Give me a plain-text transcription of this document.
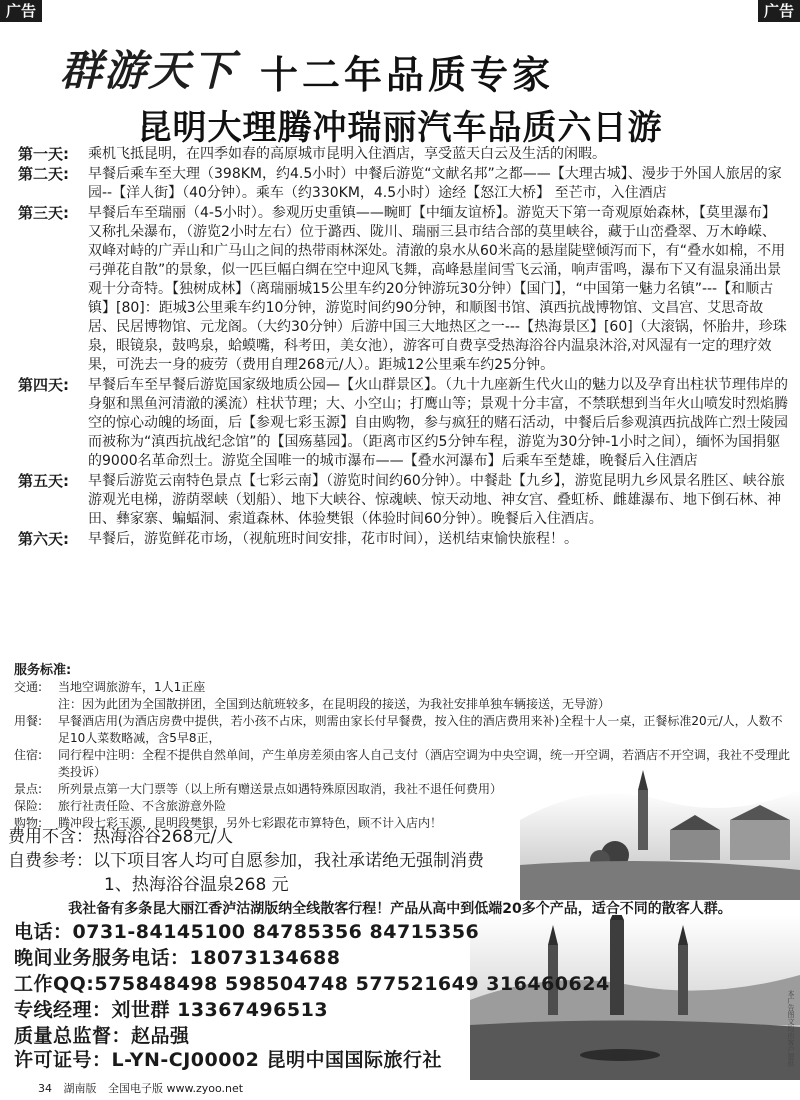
广告	广告
群游天下 十二年品质专家
昆明大理腾冲瑞丽汽车品质六日游
第一天:	乘机飞抵昆明，在四季如春的高原城市昆明入住酒店，享受蓝天白云及生活的闲暇。
第二天:	早餐后乘车至大理（398KM，约4.5小时）中餐后游览“文献名邦”之都——【大理古城】、漫步于外国人旅居的家园--【洋人街】（40分钟）。乘车（约330KM，4.5小时）途经【怒江大桥】 至芒市，入住酒店
第三天:	早餐后车至瑞丽（4-5小时）。参观历史重镇——畹町【中缅友谊桥】。游览天下第一奇观原始森林，【莫里瀑布】又称扎朵瀑布，（游览2小时左右）位于潞西、陇川、瑞丽三县市结合部的莫里峡谷，藏于山峦叠翠、万木峥嵘、双峰对峙的广弄山和广马山之间的热带雨林深处。清澈的泉水从60米高的悬崖陡壁倾泻而下，有“叠水如棉，不用弓弹花自散”的景象，似一匹巨幅白绸在空中迎风飞舞，高峰悬崖间雪飞云涌，响声雷鸣，瀑布下又有温泉涌出景观十分奇特。【独树成林】（离瑞丽城15公里车约20分钟游玩30分钟）【国门】，“中国第一魅力名镇”---【和顺古镇】[80]：距城3公里乘车约10分钟，游览时间约90分钟，和顺图书馆、滇西抗战博物馆、文昌宫、艾思奇故居、民居博物馆、元龙阁。（大约30分钟）后游中国三大地热区之一---【热海景区】[60]（大滚锅，怀胎井，珍珠泉，眼镜泉，鼓鸣泉，蛤蟆嘴，科考田，美女池），游客可自费享受热海浴谷内温泉沐浴,对风湿有一定的理疗效果，可洗去一身的疲劳（费用自理268元/人）。距城12公里乘车约25分钟。
第四天:	早餐后车至早餐后游览国家级地质公园—【火山群景区】。（九十九座新生代火山的魅力以及孕育出柱状节理伟岸的身躯和黑鱼河清澈的溪流）柱状节理；大、小空山；打鹰山等；景观十分丰富，不禁联想到当年火山喷发时烈焰腾空的惊心动魄的场面，后【参观七彩玉源】自由购物，参与疯狂的赌石活动，中餐后后参观滇西抗战阵亡烈士陵园而被称为“滇西抗战纪念馆”的【国殇墓园】。（距离市区约5分钟车程，游览为30分钟-1小时之间），缅怀为国捐躯的9000名革命烈士。游览全国唯一的城市瀑布——【叠水河瀑布】后乘车至楚雄，晚餐后入住酒店
第五天:	早餐后游览云南特色景点【七彩云南】（游览时间约60分钟）。中餐赴【九乡】，游览昆明九乡风景名胜区、峡谷旅游观光电梯，游荫翠峡（划船）、地下大峡谷、惊魂峡、惊天动地、神女宫、叠虹桥、雌雄瀑布、地下倒石林、神田、彝家寨、蝙蝠洞、索道森林、体验樊银（体验时间60分钟）。晚餐后入住酒店。
第六天:	早餐后，游览鲜花市场，（视航班时间安排，花市时间），送机结束愉快旅程！。
服务标准:
交通:	当地空调旅游车，1人1正座
注：因为此团为全国散拼团，全国到达航班较多，在昆明段的接送，为我社安排单独车辆接送，无导游）
用餐:	早餐酒店用(为酒店房费中提供，若小孩不占床，则需由家长付早餐费，按入住的酒店费用来补)全程十人一桌，正餐标准20元/人，人数不足10人菜数略减，含5早8正，
住宿:	同行程中注明：全程不提供自然单间，产生单房差须由客人自己支付（酒店空调为中央空调，统一开空调，若酒店不开空调，我社不受理此类投诉）
景点:	所列景点第一大门票等（以上所有赠送景点如遇特殊原因取消，我社不退任何费用）
保险:	旅行社责任险、不含旅游意外险
购物:	腾冲段七彩玉源，昆明段樊银，另外七彩跟花市算特色，顾不计入店内！
费用不含：热海浴谷268元/人
自费参考：以下项目客人均可自愿参加，我社承诺绝无强制消费
1、热海浴谷温泉268 元
我社备有多条昆大丽江香泸沽湖版纳全线散客行程！产品从高中到低端20多个产品，适合不同的散客人群。
电话：0731-84145100 84785356 84715356
晚间业务服务电话：18073134688
工作QQ:575848498 598504748 577521649 316460624
专线经理：刘世群 13367496513
质量总监督：赵品强
许可证号：L-YN-CJ00002 昆明中国国际旅行社
34 湖南版 全国电子版 www.zyoo.net
本广告图文均由客户提供
